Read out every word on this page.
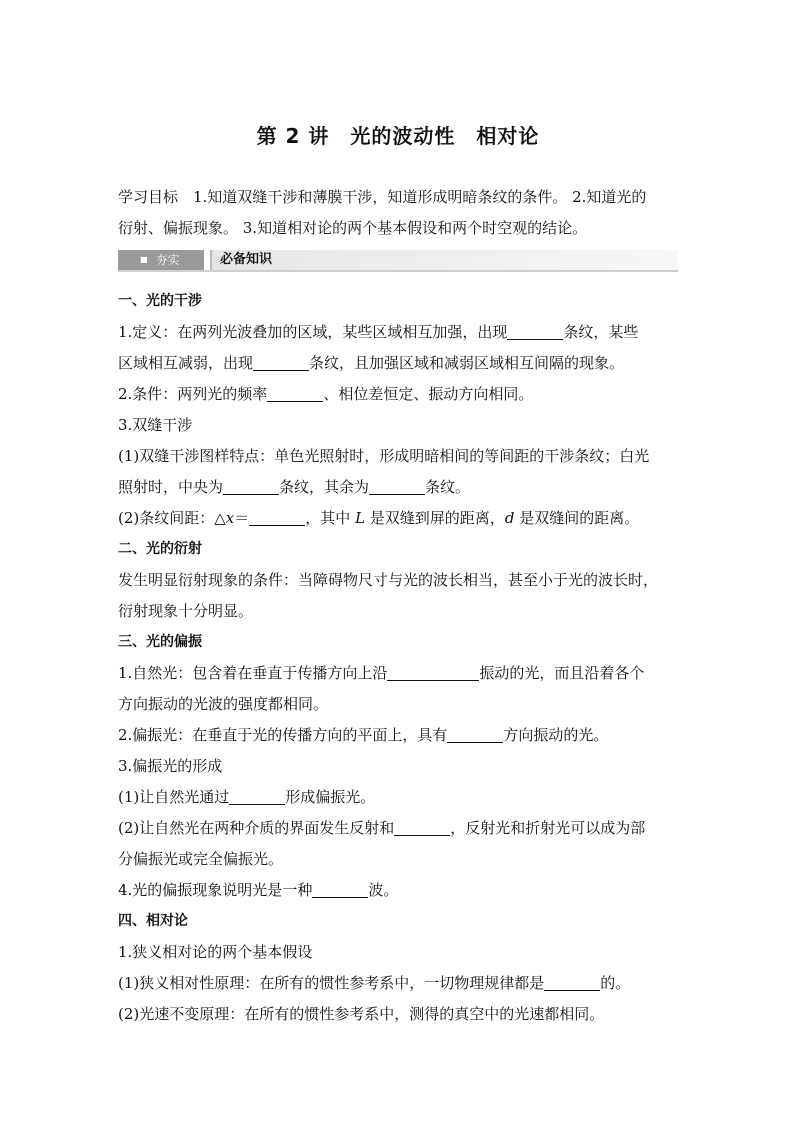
第 2 讲　光的波动性　相对论
学习目标　1.知道双缝干涉和薄膜干涉，知道形成明暗条纹的条件。 2.知道光的
衍射、偏振现象。 3.知道相对论的两个基本假设和两个时空观的结论。
■ 夯实	必备知识
一、光的干涉
1.定义：在两列光波叠加的区域，某些区域相互加强，出现	条纹，某些
区域相互减弱，出现	条纹，且加强区域和减弱区域相互间隔的现象。
2.条件：两列光的频率	、相位差恒定、振动方向相同。
3.双缝干涉
(1)双缝干涉图样特点：单色光照射时，形成明暗相间的等间距的干涉条纹；白光
照射时，中央为	条纹，其余为	条纹。
(2)条纹间距：△x＝	，其中 L 是双缝到屏的距离，d 是双缝间的距离。
二、光的衍射
发生明显衍射现象的条件：当障碍物尺寸与光的波长相当，甚至小于光的波长时，
衍射现象十分明显。
三、光的偏振
1.自然光：包含着在垂直于传播方向上沿	振动的光，而且沿着各个
方向振动的光波的强度都相同。
2.偏振光：在垂直于光的传播方向的平面上，具有	方向振动的光。
3.偏振光的形成
(1)让自然光通过	形成偏振光。
(2)让自然光在两种介质的界面发生反射和	，反射光和折射光可以成为部
分偏振光或完全偏振光。
4.光的偏振现象说明光是一种	波。
四、相对论
1.狭义相对论的两个基本假设
(1)狭义相对性原理：在所有的惯性参考系中，一切物理规律都是	的。
(2)光速不变原理：在所有的惯性参考系中，测得的真空中的光速都相同。
